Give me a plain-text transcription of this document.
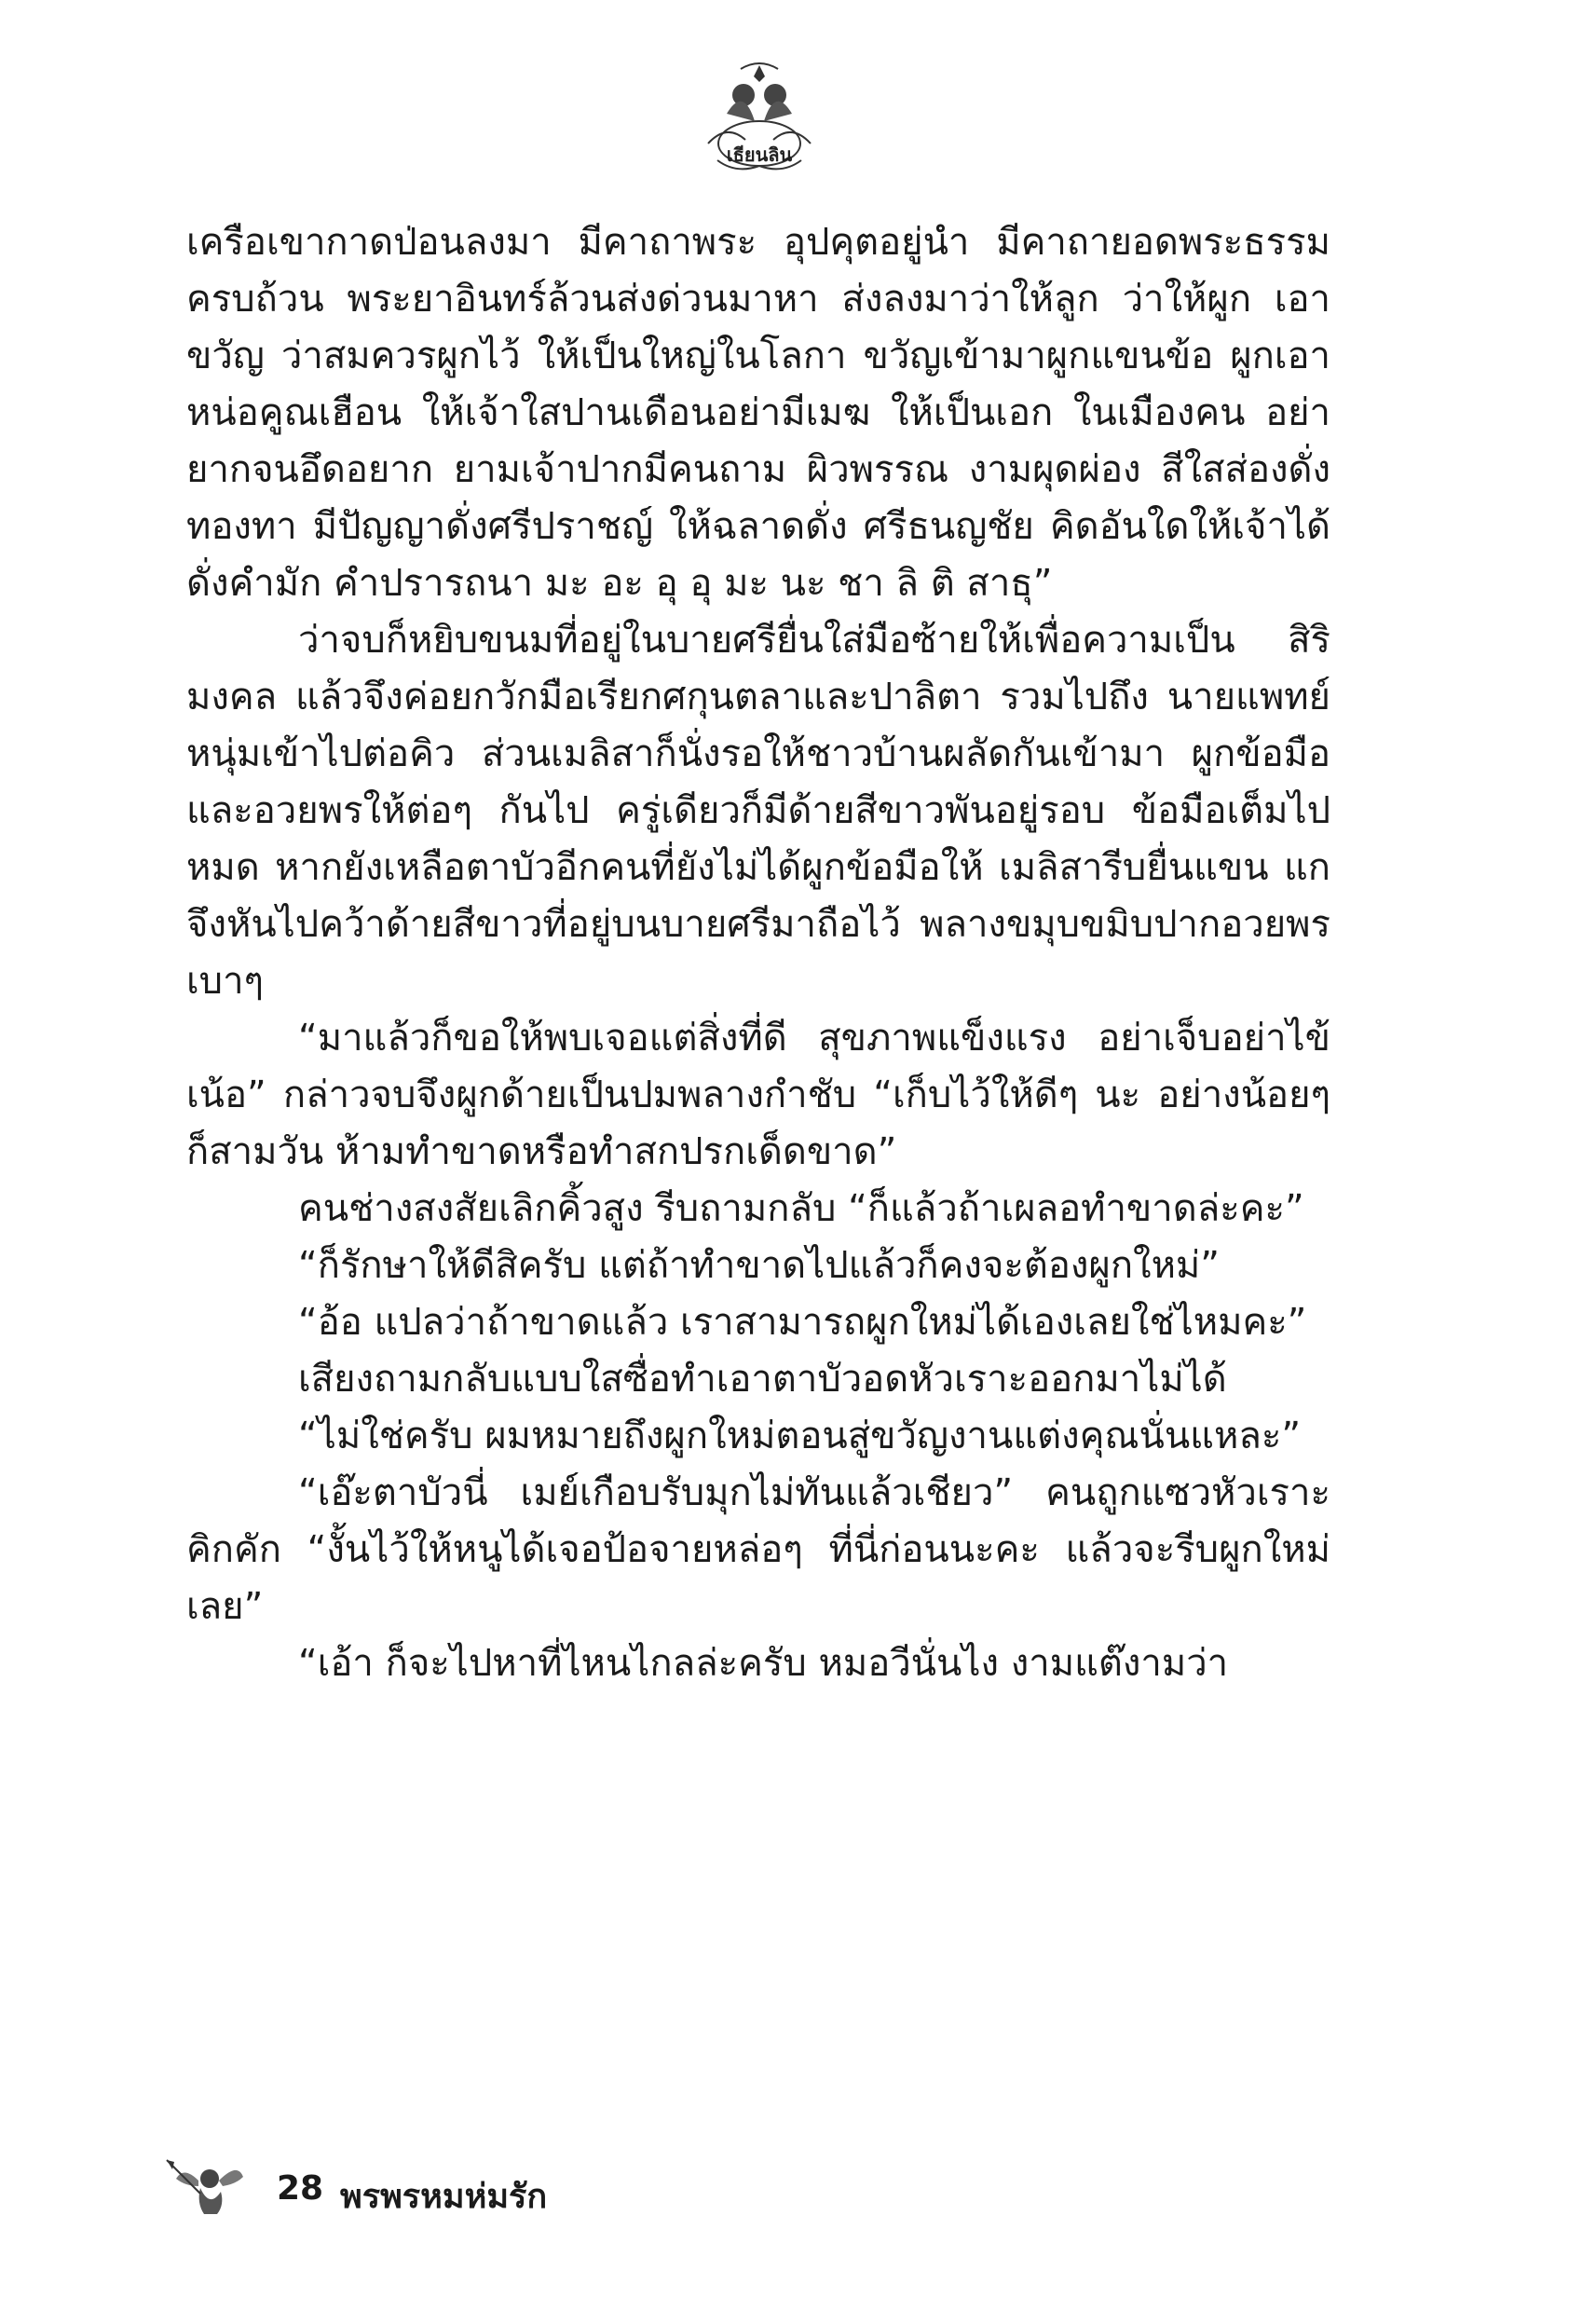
เธียนลิน

เครือเขากาดป่อนลงมา มีคาถาพระ อุปคุตอยู่นำ มีคาถายอดพระธรรม ครบถ้วน พระยาอินทร์ล้วนส่งด่วนมาหา ส่งลงมาว่าให้ลูก ว่าให้ผูก เอาขวัญ ว่าสมควรผูกไว้ ให้เป็นใหญ่ในโลกา ขวัญเข้ามาผูกแขนข้อ ผูกเอาหน่อคูณเฮือน ให้เจ้าใสปานเดือนอย่ามีเมฆ ให้เป็นเอก ในเมืองคน อย่ายากจนอึดอยาก ยามเจ้าปากมีคนถาม ผิวพรรณ งามผุดผ่อง สีใสส่องดั่งทองทา มีปัญญาดั่งศรีปราชญ์ ให้ฉลาดดั่ง ศรีธนญชัย คิดอันใดให้เจ้าได้ดั่งคำมัก คำปรารถนา มะ อะ อุ อุ มะ นะ ชา ลิ ติ สาธุ”

ว่าจบก็หยิบขนมที่อยู่ในบายศรียื่นใส่มือซ้ายให้เพื่อความเป็น สิริมงคล แล้วจึงค่อยกวักมือเรียกศกุนตลาและปาลิตา รวมไปถึง นายแพทย์หนุ่มเข้าไปต่อคิว ส่วนเมลิสาก็นั่งรอให้ชาวบ้านผลัดกันเข้ามา ผูกข้อมือและอวยพรให้ต่อๆ กันไป ครู่เดียวก็มีด้ายสีขาวพันอยู่รอบ ข้อมือเต็มไปหมด หากยังเหลือตาบัวอีกคนที่ยังไม่ได้ผูกข้อมือให้ เมลิสารีบยื่นแขน แกจึงหันไปคว้าด้ายสีขาวที่อยู่บนบายศรีมาถือไว้ พลางขมุบขมิบปากอวยพรเบาๆ

“มาแล้วก็ขอให้พบเจอแต่สิ่งที่ดี สุขภาพแข็งแรง อย่าเจ็บอย่าไข้ เน้อ” กล่าวจบจึงผูกด้ายเป็นปมพลางกำชับ “เก็บไว้ให้ดีๆ นะ อย่างน้อยๆ ก็สามวัน ห้ามทำขาดหรือทำสกปรกเด็ดขาด”

คนช่างสงสัยเลิกคิ้วสูง รีบถามกลับ “ก็แล้วถ้าเผลอทำขาดล่ะคะ”

“ก็รักษาให้ดีสิครับ แต่ถ้าทำขาดไปแล้วก็คงจะต้องผูกใหม่”

“อ้อ แปลว่าถ้าขาดแล้ว เราสามารถผูกใหม่ได้เองเลยใช่ไหมคะ”

เสียงถามกลับแบบใสซื่อทำเอาตาบัวอดหัวเราะออกมาไม่ได้

“ไม่ใช่ครับ ผมหมายถึงผูกใหม่ตอนสู่ขวัญงานแต่งคุณนั่นแหละ”

“เอ๊ะตาบัวนี่ เมย์เกือบรับมุกไม่ทันแล้วเชียว” คนถูกแซวหัวเราะ คิกคัก “งั้นไว้ให้หนูได้เจอป้อจายหล่อๆ ที่นี่ก่อนนะคะ แล้วจะรีบผูกใหม่ เลย”

“เอ้า ก็จะไปหาที่ไหนไกลล่ะครับ หมอวีนั่นไง งามแต๊งามว่า

28 พรพรหมห่มรัก
